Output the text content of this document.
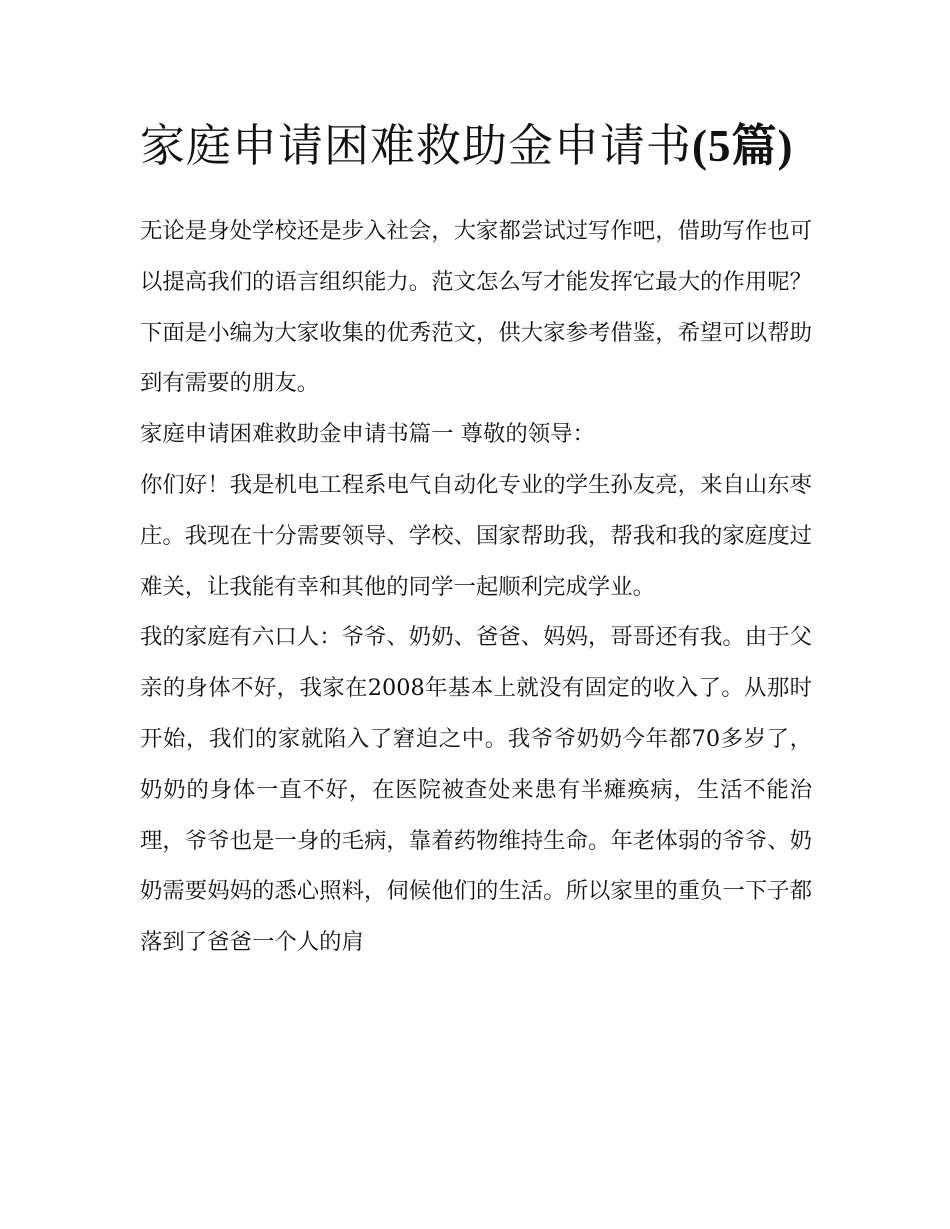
家庭申请困难救助金申请书(5篇)

无论是身处学校还是步入社会，大家都尝试过写作吧，借助写作也可以提高我们的语言组织能力。范文怎么写才能发挥它最大的作用呢？下面是小编为大家收集的优秀范文，供大家参考借鉴，希望可以帮助到有需要的朋友。

家庭申请困难救助金申请书篇一 尊敬的领导：

你们好！我是机电工程系电气自动化专业的学生孙友亮，来自山东枣庄。我现在十分需要领导、学校、国家帮助我，帮我和我的家庭度过难关，让我能有幸和其他的同学一起顺利完成学业。

我的家庭有六口人：爷爷、奶奶、爸爸、妈妈，哥哥还有我。由于父亲的身体不好，我家在2008年基本上就没有固定的收入了。从那时开始，我们的家就陷入了窘迫之中。我爷爷奶奶今年都70多岁了，奶奶的身体一直不好，在医院被查处来患有半瘫痪病，生活不能治理，爷爷也是一身的毛病，靠着药物维持生命。年老体弱的爷爷、奶奶需要妈妈的悉心照料，伺候他们的生活。所以家里的重负一下子都落到了爸爸一个人的肩
